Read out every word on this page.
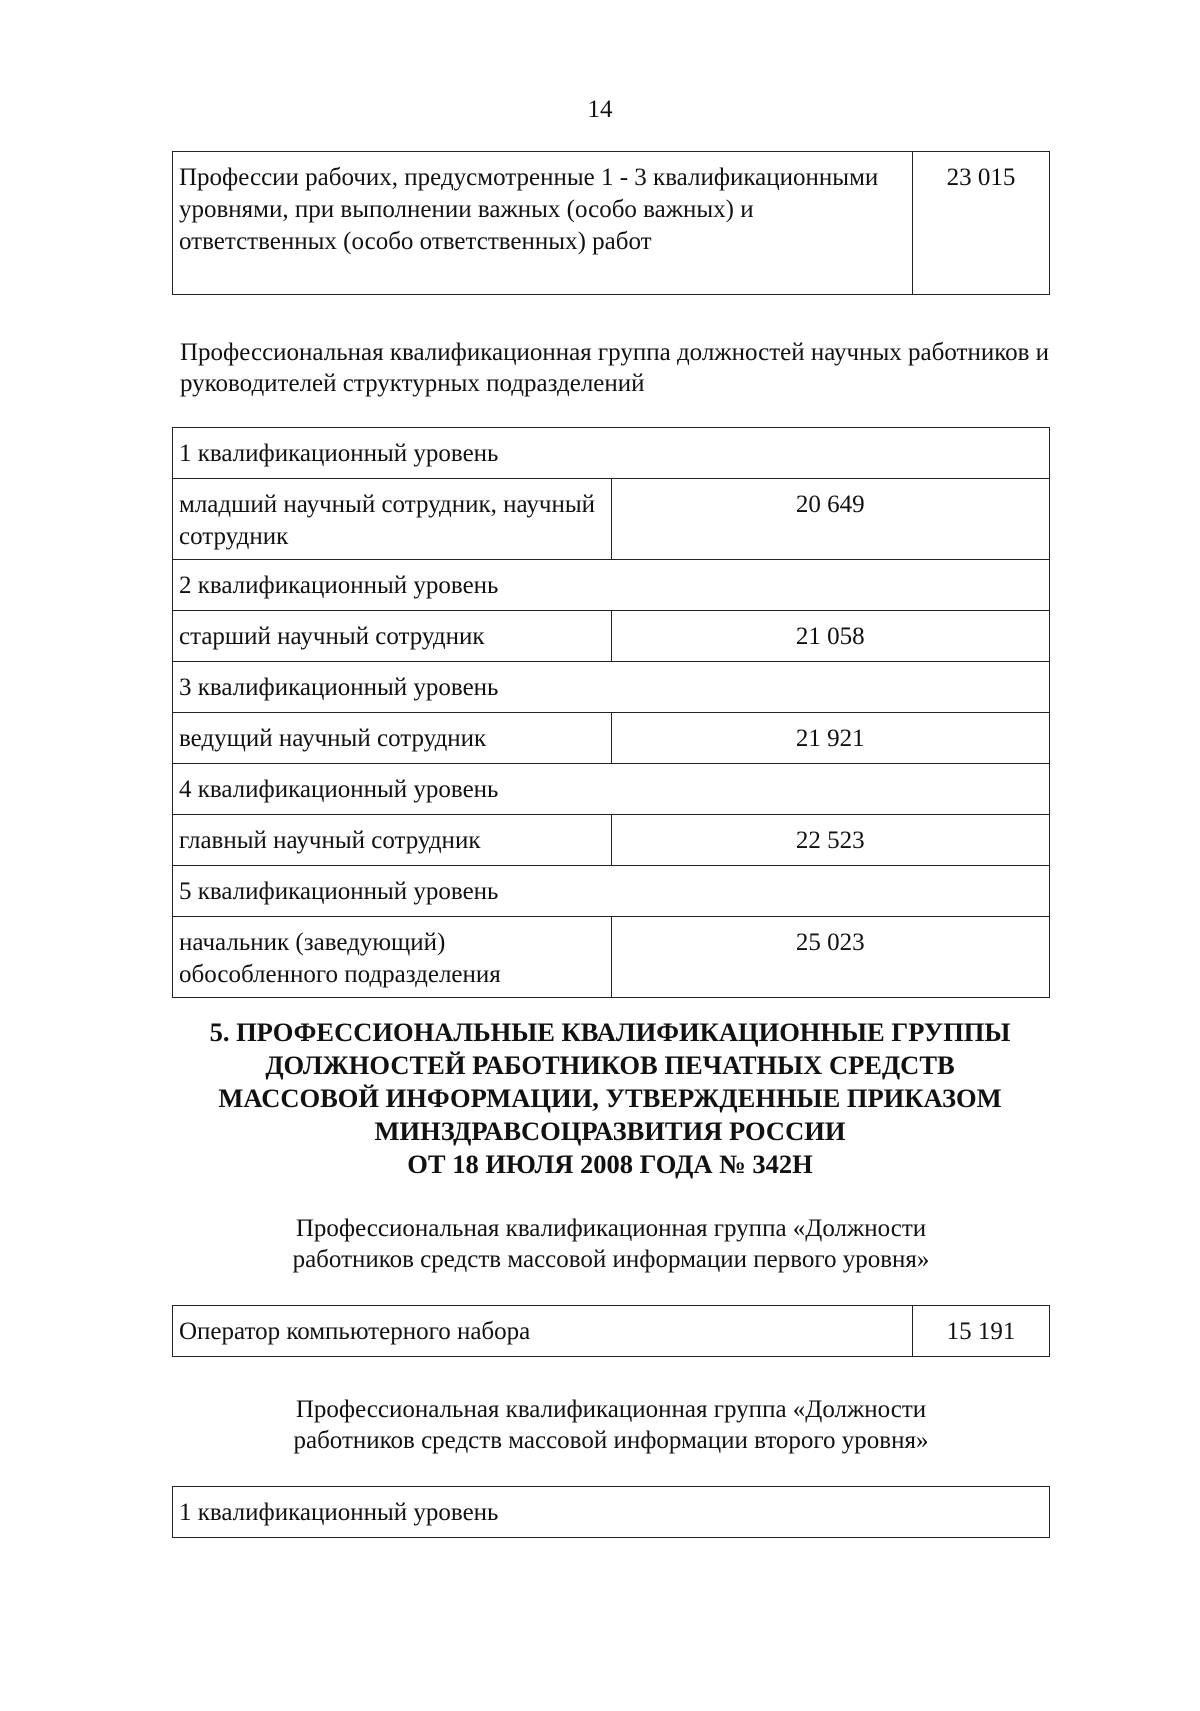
14
Профессии рабочих, предусмотренные 1 - 3 квалификационными уровнями, при выполнении важных (особо важных) и ответственных (особо ответственных) работ	23 015
Профессиональная квалификационная группа должностей научных работников и руководителей структурных подразделений
1 квалификационный уровень	
младший научный сотрудник, научный сотрудник	20 649
2 квалификационный уровень	
старший научный сотрудник	21 058
3 квалификационный уровень	
ведущий научный сотрудник	21 921
4 квалификационный уровень	
главный научный сотрудник	22 523
5 квалификационный уровень	
начальник (заведующий) обособленного подразделения	25 023
5. ПРОФЕССИОНАЛЬНЫЕ КВАЛИФИКАЦИОННЫЕ ГРУППЫ
ДОЛЖНОСТЕЙ РАБОТНИКОВ ПЕЧАТНЫХ СРЕДСТВ
МАССОВОЙ ИНФОРМАЦИИ, УТВЕРЖДЕННЫЕ ПРИКАЗОМ
МИНЗДРАВСОЦРАЗВИТИЯ РОССИИ
ОТ 18 ИЮЛЯ 2008 ГОДА № 342Н
Профессиональная квалификационная группа «Должности
работников средств массовой информации первого уровня»
Оператор компьютерного набора	15 191
Профессиональная квалификационная группа «Должности
работников средств массовой информации второго уровня»
1 квалификационный уровень
